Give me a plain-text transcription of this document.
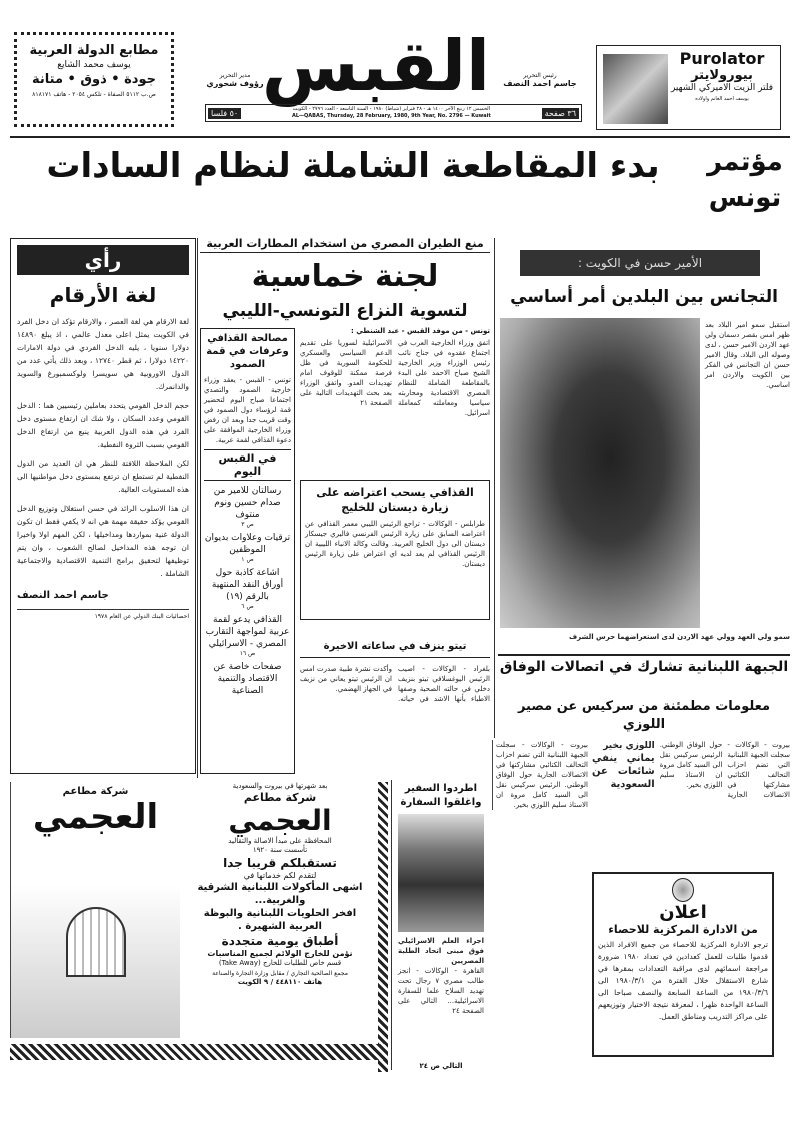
مطابع الدولة العربية
يوسف محمد الشايع
جودة • ذوق • متانة
ص.ب ٥١١٢ الصفاة - تلكس ٢٠٥٤ - هاتف ٨١٨١٧١ القبس	رئيس التحرير
جاسم احمد النصف
مدير التحرير
رؤوف شحوري
٣٦ صفحة
الخميس ١٢ ربيع الآخر ١٤٠٠ هـ - ٢٨ فبراير (شباط) ١٩٨٠ - السنة التاسعة - العدد ٢٧٩٦ - الكويت
AL—QABAS, Thursday, 28 February, 1980, 9th Year, No. 2796 — Kuwait
٥٠ فلسا
Purolator
بيورولايتر
فلتر الزيت الاميركي الشهير
يوسف احمد الغانم واولاده
مؤتمر تونس
بدء المقاطعة الشاملة لنظام السادات
رأي
لغة الأرقام

لغة الارقام هي لغة العصر ، والارقام تؤكد ان دخل الفرد في الكويت يمثل اعلى معدل عالمي ، اذ يبلغ ١٤٨٩٠ دولارا سنويا ، يليه الدخل الفردي في دولة الامارات ١٤٢٢٠ دولارا ، ثم قطر ١٢٧٤٠ ، وبعد ذلك يأتي عدد من الدول الاوروبية هي سويسرا ولوكسمبورغ والسويد والدانمرك.

حجم الدخل القومي يتحدد بعاملين رئيسيين هما : الدخل القومي وعدد السكان ، ولا شك ان ارتفاع مستوى دخل الفرد في هذه الدول العربية ينبع من ارتفاع الدخل القومي بسبب الثروة النفطية.

لكن الملاحظة اللافتة للنظر هي ان العديد من الدول النفطية لم تستطع ان ترتفع بمستوى دخل مواطنيها الى هذه المستويات العالية.

ان هذا الاسلوب الرائد في حسن استغلال وتوزيع الدخل القومي يؤكد حقيقة مهمة هي انه لا يكفي فقط ان تكون الدولة غنية بمواردها ومداخيلها ، لكن المهم اولا واخيرا ان توجه هذه المداخيل لصالح الشعوب ، وان يتم توظيفها لتحقيق برامج التنمية الاقتصادية والاجتماعية الشاملة .

جاسم احمد النصف
احصائيات البنك الدولي عن العام ١٩٧٨
منع الطيران المصري من استخدام المطارات العربية
لجنة خماسية
لتسوية النزاع التونسي-الليبي
تونس - من موفد القبس - عبد الشنطي :

اتفق وزراء الخارجية العرب في اجتماع عقدوه في جناح نائب رئيس الوزراء وزير الخارجية الشيخ صباح الاحمد على البدء بالمقاطعة الشاملة للنظام المصري الاقتصادية ومحاربته سياسيا ومعاملته كمعاملة اسرائيل.

الاسرائيلية لسوريا على تقديم الدعم السياسي والعسكري للحكومة السورية في ظل فرصة ممكنة للوقوف امام تهديدات العدو. واتفق الوزراء بعد بحث التهديدات التالية على الصفحة ٢١

مصالحة القذافي وعرفات في قمة الصمود

تونس - القبس - يعقد وزراء خارجية الصمود والتصدي اجتماعا صباح اليوم لتحضير قمة لرؤساء دول الصمود في وقت قريب جدا وبعد ان رفض وزراء الخارجية الموافقة على دعوة القذافي لقمة عربية.

في القبس اليوم
رسالتان للامير من صدام حسين ونوم منتوف
ص ٣
ترقيات وعلاوات بديوان الموظفين
ص ١
اشاعة كاذبة حول أوراق النقد المنتهية بالرقم (١٩)
ص ٦
القذافي يدعو لقمة عربية لمواجهة التقارب المصري - الاسرائيلي
ص ١٦
صفحات خاصة عن الاقتصاد والتنمية الصناعية
القذافي يسحب اعتراضه على
زيارة ديستان للخليج

طرابلس - الوكالات - تراجع الرئيس الليبي معمر القذافي عن اعتراضه السابق على زيارة الرئيس الفرنسي فاليري جيسكار ديستان الى دول الخليج العربية. وقالت وكالة الانباء الليبية ان الرئيس القذافي لم يعد لديه اي اعتراض على زيارة الرئيس ديستان.

تيتو ينزف في ساعاته الاخيرة
بلغراد - الوكالات - اصيب الرئيس اليوغسلافي تيتو بنزيف دخلي في حالته الصحية وصفها الاطباء بأنها الاشد في حياته. وأكدت نشرة طبية صدرت امس ان الرئيس تيتو يعاني من نزيف في الجهاز الهضمي.
الأمير حسن في الكويت :
التجانس بين البلدين أمر أساسي
استقبل سمو امير البلاد بعد ظهر امس بقصر دسمان ولي عهد الاردن الامير حسن ، لدى وصوله الى البلاد. وقال الامير حسن ان التجانس في الفكر بين الكويت والاردن امر اساسي.
سمو ولي العهد وولي عهد الاردن لدى استعراضهما حرس الشرف
الجبهة اللبنانية تشارك في اتصالات الوفاق
معلومات مطمئنة من سركيس عن مصير اللوزي

بيروت - الوكالات - سجلت الجبهة اللبنانية التي تضم احزاب التحالف الكتائبي مشاركتها في الاتصالات الجارية حول الوفاق الوطني. الرئيس سركيس نقل الى السيد كامل مروة ان الاستاذ سليم اللوزي بخير.

اللوزي بخير

يماني ينفي شائعات عن السعودية

بيروت - الوكالات - سجلت الجبهة اللبنانية التي تضم احزاب التحالف الكتائبي مشاركتها في الاتصالات الجارية حول الوفاق الوطني. الرئيس سركيس نقل الى السيد كامل مروة ان الاستاذ سليم اللوزي بخير.

اعلان
من الادارة المركزية للاحصاء

ترجو الادارة المركزية للاحصاء من جميع الافراد الذين قدموا طلبات للعمل كعدادين في تعداد ١٩٨٠ ضرورة مراجعة اسمائهم لدى مراقبة التعدادات بمقرها في شارع الاستقلال خلال الفترة من ١٩٨٠/٣/١ الى ١٩٨٠/٣/٦ من الساعة السابعة والنصف صباحا الى الساعة الواحدة ظهرا ، لمعرفة نتيجة الاختيار وتوزيعهم على مراكز التدريب ومناطق العمل.

اطردوا السفير واغلقوا السفارة
اجراء العلم الاسرائيلي فوق مبنى اتحاد الطلبة المصريين
القاهرة - الوكالات - انجز طالب مصري ٧ رجال تحت تهديد السلاح علما للسفارة الاسرائيلية... التالي على الصفحة ٢٤
التالي ص ٢٤
شركة مطاعم
العجمي
بعد شهرتها في بيروت والسعودية
شركة مطاعم
العجمي
المحافظة على مبدأ الاصالة والتقاليد
تأسست سنة ١٩٢٠
تستقبلكم قريبا جدا
لتقدم لكم خدماتها في
اشهى المأكولات اللبنانية الشرقية والغربية...
افخر الحلويات اللبنانية والبوظة العربية الشهيرة .
أطباق يومية متجددة
نؤمن للخارج الولائم لجميع المناسبات
قسم خاص للطلبات للخارج (Take Away)
مجمع الصالحية التجاري / مقابل وزارة التجارة والصناعة
هاتف ٤٤٨١١٠ / ٩ الكويت
